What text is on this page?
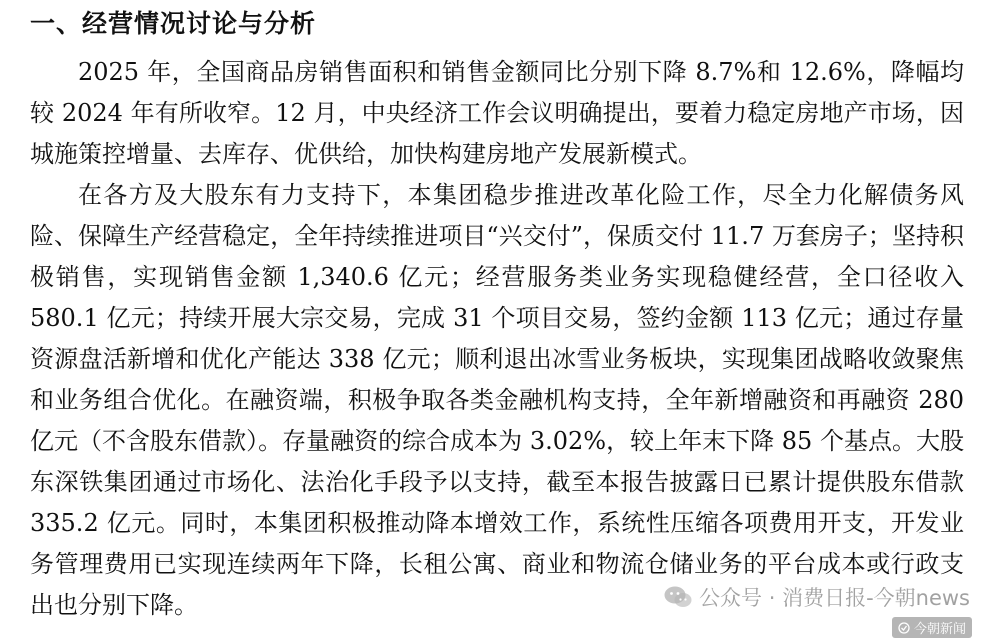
一、经营情况讨论与分析

2025 年，全国商品房销售面积和销售金额同比分别下降 8.7%和 12.6%，降幅均较 2024 年有所收窄。12 月，中央经济工作会议明确提出，要着力稳定房地产市场，因城施策控增量、去库存、优供给，加快构建房地产发展新模式。

在各方及大股东有力支持下，本集团稳步推进改革化险工作，尽全力化解债务风险、保障生产经营稳定，全年持续推进项目“兴交付”，保质交付 11.7 万套房子；坚持积极销售，实现销售金额 1,340.6 亿元；经营服务类业务实现稳健经营，全口径收入 580.1 亿元；持续开展大宗交易，完成 31 个项目交易，签约金额 113 亿元；通过存量资源盘活新增和优化产能达 338 亿元；顺利退出冰雪业务板块，实现集团战略收敛聚焦和业务组合优化。在融资端，积极争取各类金融机构支持，全年新增融资和再融资 280 亿元（不含股东借款）。存量融资的综合成本为 3.02%，较上年末下降 85 个基点。大股东深铁集团通过市场化、法治化手段予以支持，截至本报告披露日已累计提供股东借款 335.2 亿元。同时，本集团积极推动降本增效工作，系统性压缩各项费用开支，开发业务管理费用已实现连续两年下降，长租公寓、商业和物流仓储业务的平台成本或行政支出也分别下降。	公众号 · 消费日报-今朝news
今朝新闻
